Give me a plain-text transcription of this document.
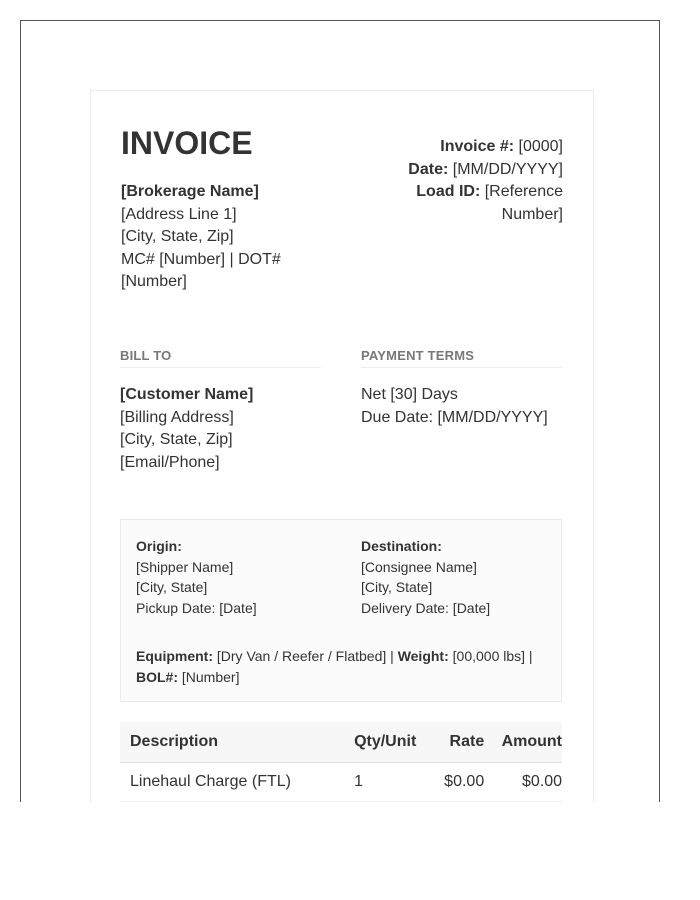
INVOICE
[Brokerage Name]
[Address Line 1]
[City, State, Zip]
MC# [Number] | DOT#
[Number]
Invoice #: [0000]
Date: [MM/DD/YYYY]
Load ID: [Reference
Number]
BILL TO
[Customer Name]
[Billing Address]
[City, State, Zip]
[Email/Phone]
PAYMENT TERMS
Net [30] Days
Due Date: [MM/DD/YYYY]
Origin:
[Shipper Name]
[City, State]
Pickup Date: [Date]
Destination:
[Consignee Name]
[City, State]
Delivery Date: [Date]
Equipment: [Dry Van / Reefer / Flatbed] | Weight: [00,000 lbs] |
BOL#: [Number]
Description	Qty/Unit	Rate	Amount
Linehaul Charge (FTL)	1	$0.00	$0.00
